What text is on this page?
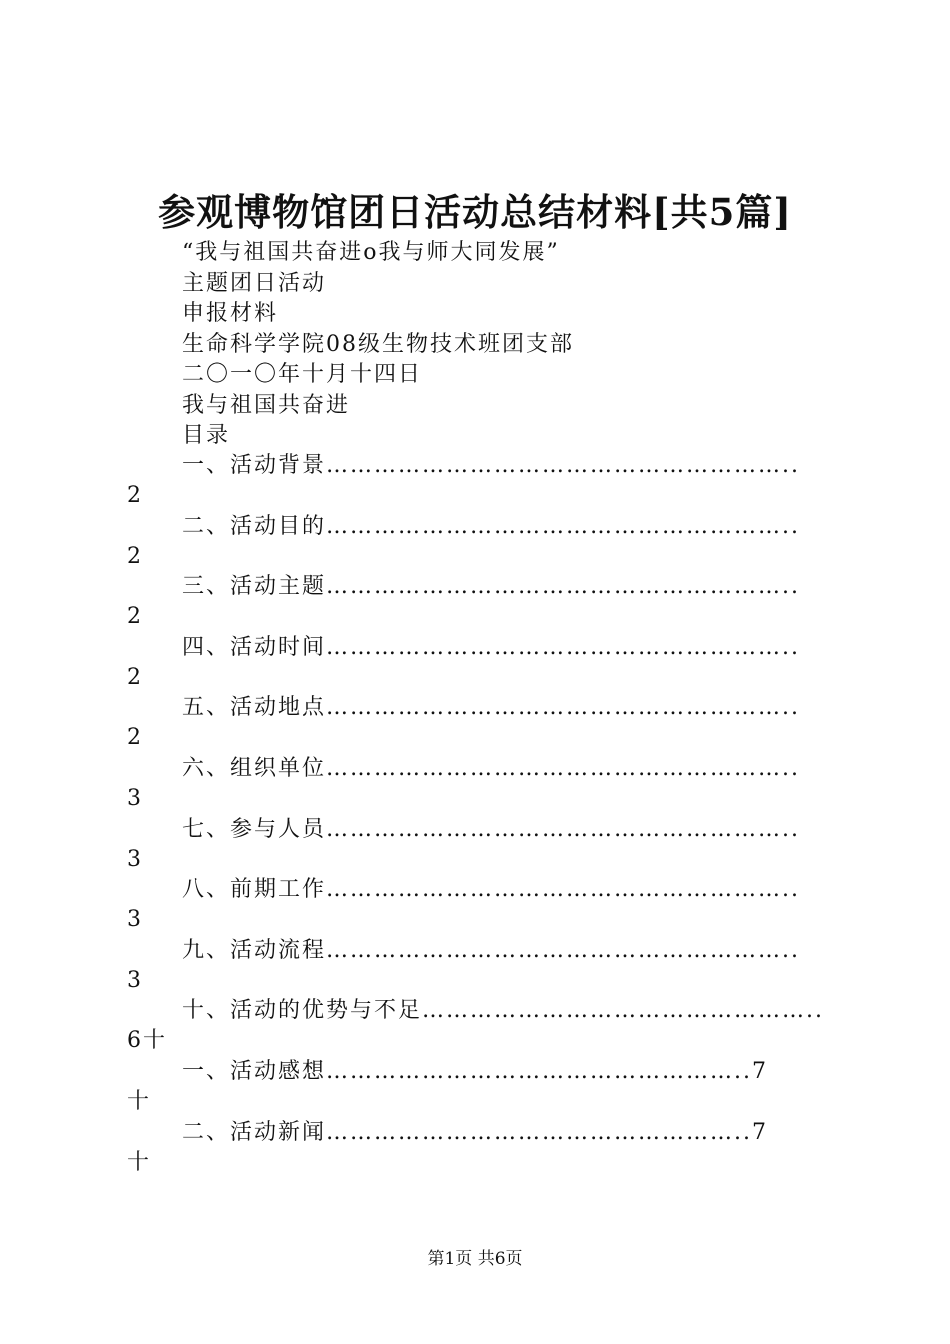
参观博物馆团日活动总结材料[共5篇]
“我与祖国共奋进o我与师大同发展”
主题团日活动
申报材料
生命科学学院08级生物技术班团支部
二〇一〇年十月十四日
我与祖国共奋进
目录
一、活动背景…………………………………………………..
2
二、活动目的…………………………………………………..
2
三、活动主题…………………………………………………..
2
四、活动时间…………………………………………………..
2
五、活动地点…………………………………………………..
2
六、组织单位…………………………………………………..
3
七、参与人员…………………………………………………..
3
八、前期工作…………………………………………………..
3
九、活动流程…………………………………………………..
3
十、活动的优势与不足…………………………………………..
6十
一、活动感想……………………………………………..7
十
二、活动新闻……………………………………………..7
十
第1页 共6页
